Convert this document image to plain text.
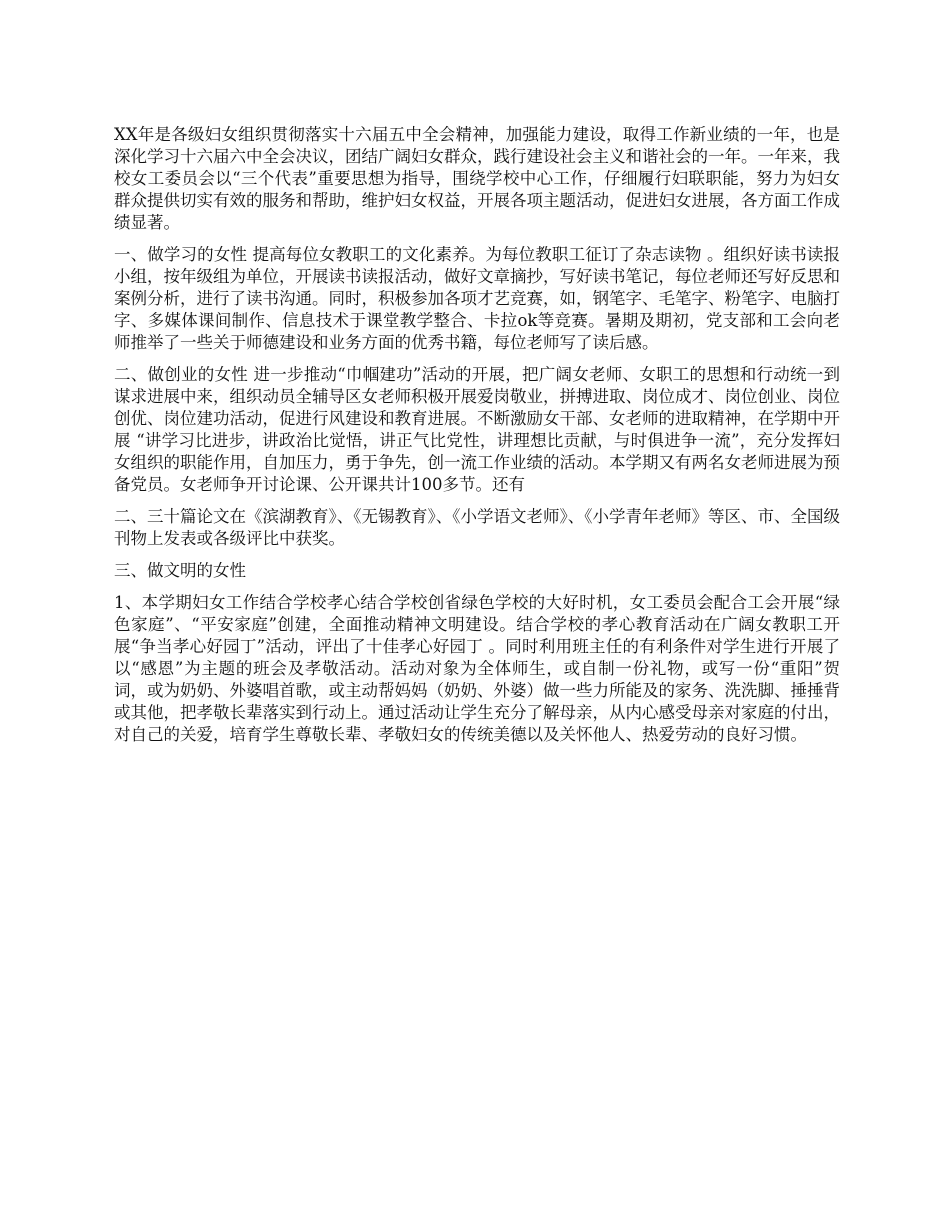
XX年是各级妇女组织贯彻落实十六届五中全会精神，加强能力建设，取得工作新业绩的一年，也是深化学习十六届六中全会决议，团结广阔妇女群众，践行建设社会主义和谐社会的一年。一年来，我校女工委员会以“三个代表”重要思想为指导，围绕学校中心工作，仔细履行妇联职能，努力为妇女群众提供切实有效的服务和帮助，维护妇女权益，开展各项主题活动，促进妇女进展，各方面工作成绩显著。

一、做学习的女性 提高每位女教职工的文化素养。为每位教职工征订了杂志读物 。组织好读书读报小组，按年级组为单位，开展读书读报活动，做好文章摘抄，写好读书笔记，每位老师还写好反思和案例分析，进行了读书沟通。同时，积极参加各项才艺竞赛，如，钢笔字、毛笔字、粉笔字、电脑打字、多媒体课间制作、信息技术于课堂教学整合、卡拉ok等竞赛。暑期及期初，党支部和工会向老师推举了一些关于师德建设和业务方面的优秀书籍，每位老师写了读后感。

二、做创业的女性 进一步推动“巾帼建功”活动的开展，把广阔女老师、女职工的思想和行动统一到谋求进展中来，组织动员全辅导区女老师积极开展爱岗敬业，拼搏进取、岗位成才、岗位创业、岗位创优、岗位建功活动，促进行风建设和教育进展。不断激励女干部、女老师的进取精神，在学期中开展 “讲学习比进步，讲政治比觉悟，讲正气比党性，讲理想比贡献，与时俱进争一流”，充分发挥妇女组织的职能作用，自加压力，勇于争先，创一流工作业绩的活动。本学期又有两名女老师进展为预备党员。女老师争开讨论课、公开课共计100多节。还有

二、三十篇论文在《滨湖教育》、《无锡教育》、《小学语文老师》、《小学青年老师》等区、市、全国级刊物上发表或各级评比中获奖。

三、做文明的女性

1、本学期妇女工作结合学校孝心结合学校创省绿色学校的大好时机，女工委员会配合工会开展“绿色家庭”、“平安家庭”创建，全面推动精神文明建设。结合学校的孝心教育活动在广阔女教职工开展“争当孝心好园丁”活动，评出了十佳孝心好园丁 。同时利用班主任的有利条件对学生进行开展了以“感恩”为主题的班会及孝敬活动。活动对象为全体师生，或自制一份礼物，或写一份“重阳”贺词，或为奶奶、外婆唱首歌，或主动帮妈妈（奶奶、外婆）做一些力所能及的家务、洗洗脚、捶捶背或其他，把孝敬长辈落实到行动上。通过活动让学生充分了解母亲，从内心感受母亲对家庭的付出，对自己的关爱，培育学生尊敬长辈、孝敬妇女的传统美德以及关怀他人、热爱劳动的良好习惯。
